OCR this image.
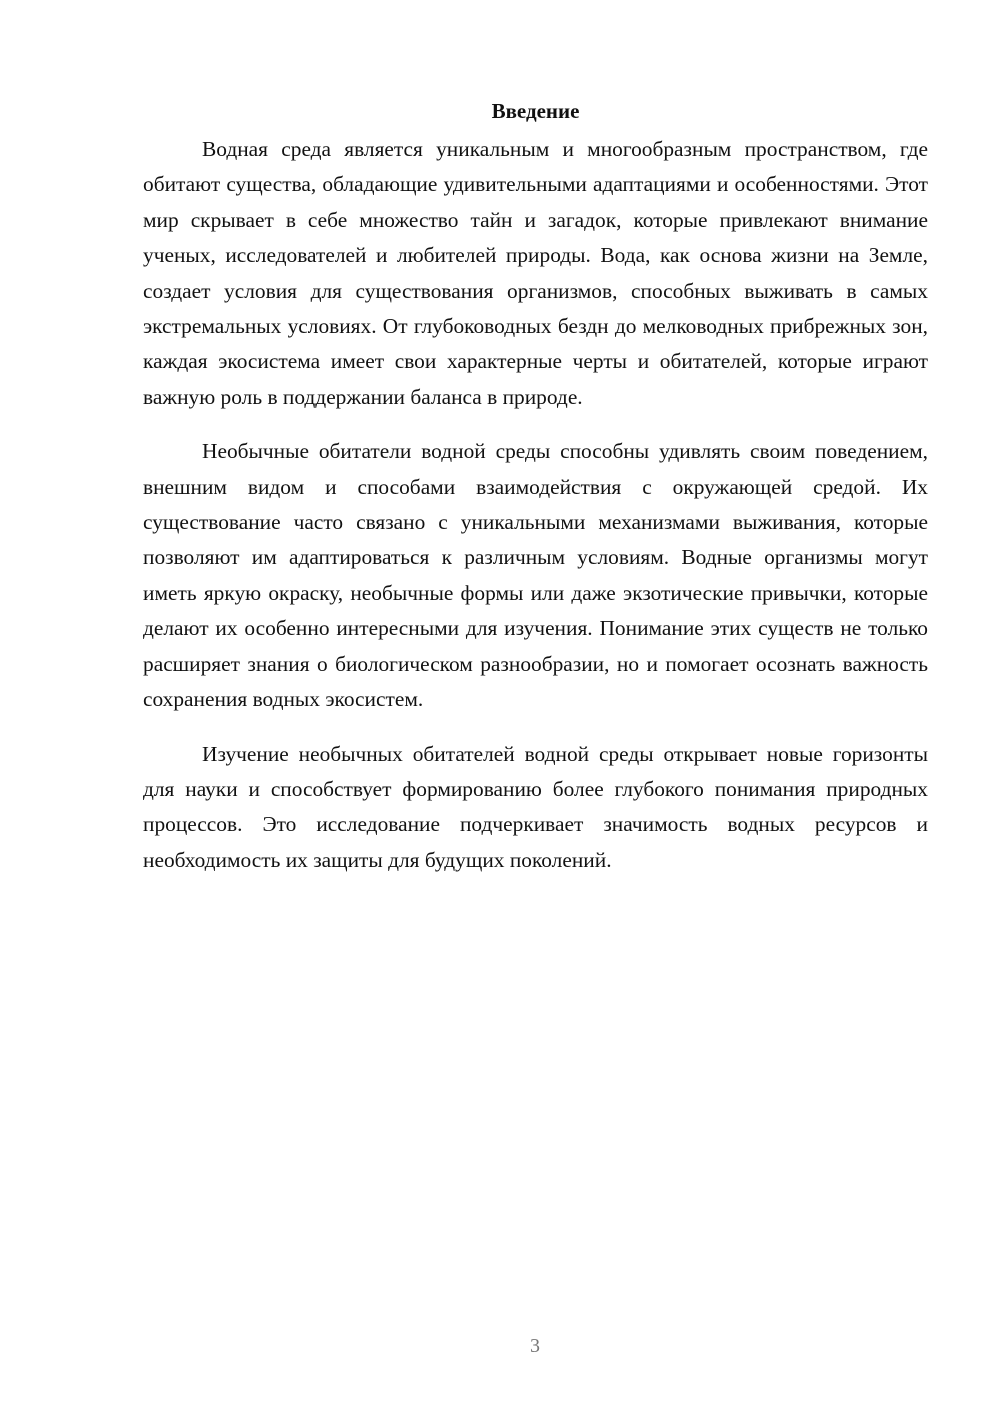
Введение

Водная среда является уникальным и многообразным пространством, где обитают существа, обладающие удивительными адаптациями и особенностями. Этот мир скрывает в себе множество тайн и загадок, которые привлекают внимание ученых, исследователей и любителей природы. Вода, как основа жизни на Земле, создает условия для существования организмов, способных выживать в самых экстремальных условиях. От глубоководных бездн до мелководных прибрежных зон, каждая экосистема имеет свои характерные черты и обитателей, которые играют важную роль в поддержании баланса в природе.

Необычные обитатели водной среды способны удивлять своим поведением, внешним видом и способами взаимодействия с окружающей средой. Их существование часто связано с уникальными механизмами выживания, которые позволяют им адаптироваться к различным условиям. Водные организмы могут иметь яркую окраску, необычные формы или даже экзотические привычки, которые делают их особенно интересными для изучения. Понимание этих существ не только расширяет знания о биологическом разнообразии, но и помогает осознать важность сохранения водных экосистем.

Изучение необычных обитателей водной среды открывает новые горизонты для науки и способствует формированию более глубокого понимания природных процессов. Это исследование подчеркивает значимость водных ресурсов и необходимость их защиты для будущих поколений.

3
